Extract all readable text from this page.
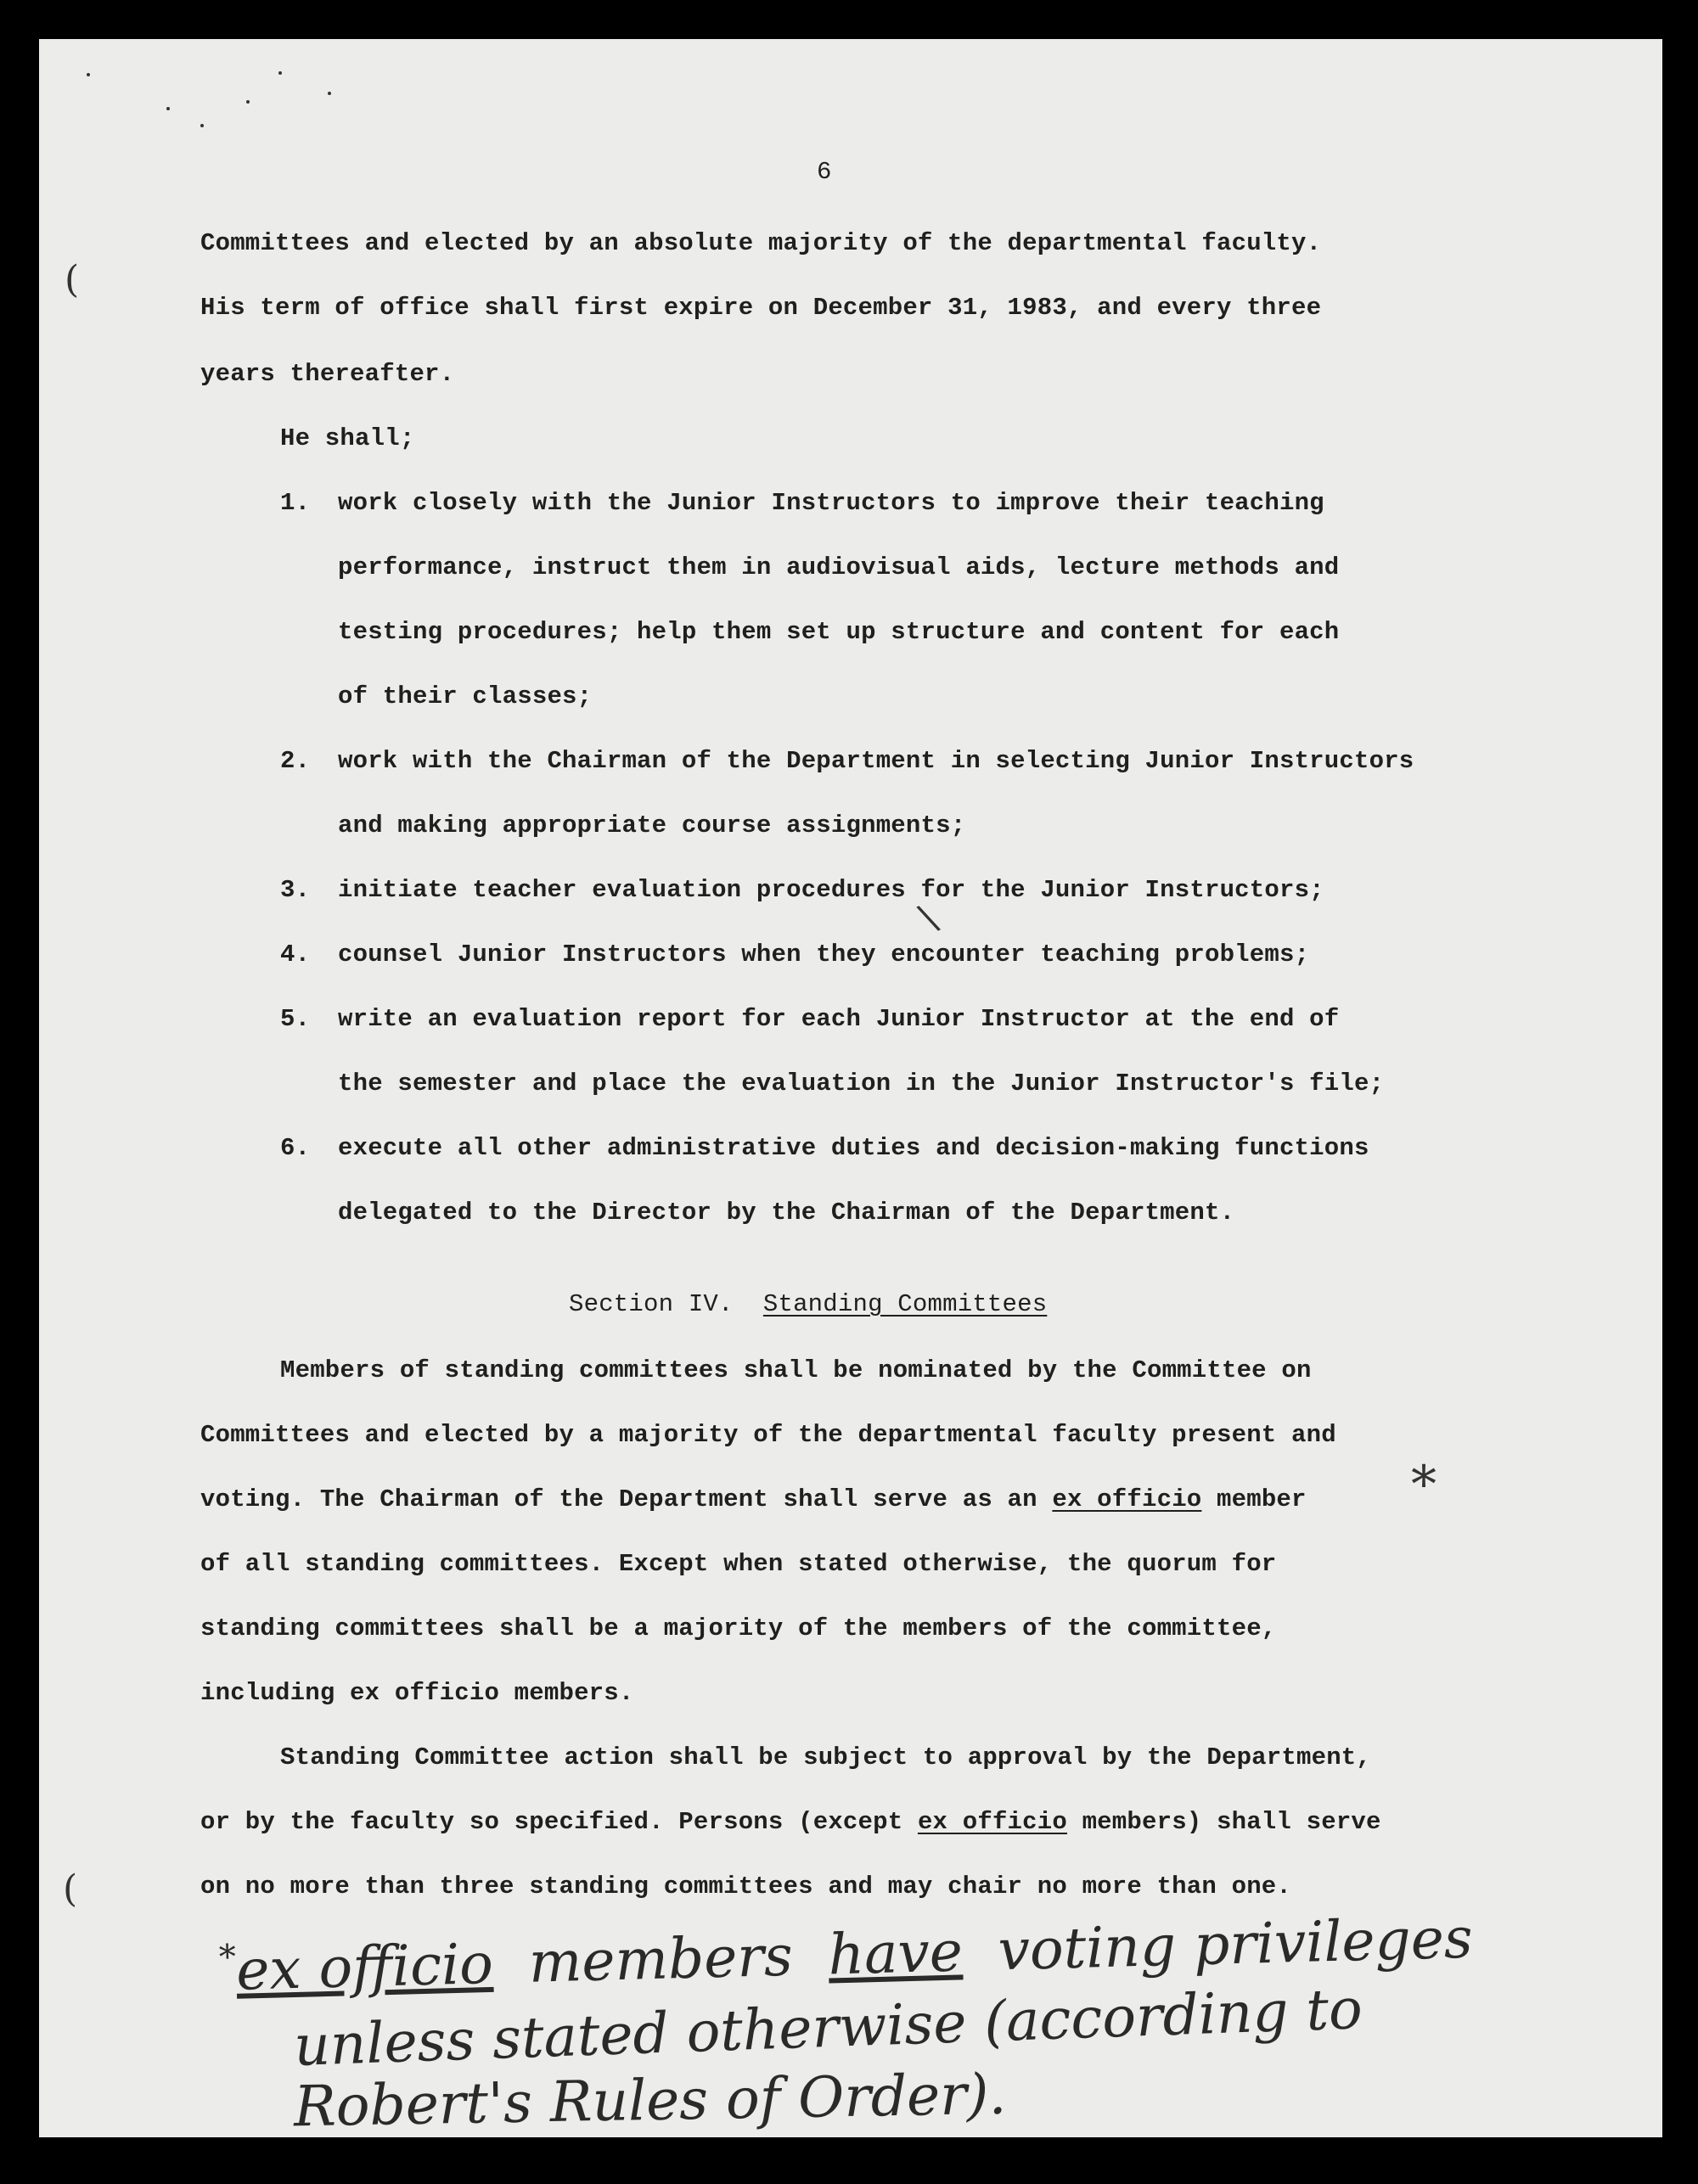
(
(
6
Committees and elected by an absolute majority of the departmental faculty.
His term of office shall first expire on December 31, 1983, and every three
years thereafter.
He shall;
1. work closely with the Junior Instructors to improve their teaching
performance, instruct them in audiovisual aids, lecture methods and
testing procedures; help them set up structure and content for each
of their classes;
2. work with the Chairman of the Department in selecting Junior Instructors
and making appropriate course assignments;
3. initiate teacher evaluation procedures for the Junior Instructors;
\
4. counsel Junior Instructors when they encounter teaching problems;
5. write an evaluation report for each Junior Instructor at the end of
the semester and place the evaluation in the Junior Instructor's file;
6. execute all other administrative duties and decision-making functions
delegated to the Director by the Chairman of the Department.
Section IV. Standing Committees
Members of standing committees shall be nominated by the Committee on
Committees and elected by a majority of the departmental faculty present and
voting. The Chairman of the Department shall serve as an ex officio member *
of all standing committees. Except when stated otherwise, the quorum for
standing committees shall be a majority of the members of the committee,
including ex officio members.
Standing Committee action shall be subject to approval by the Department,
or by the faculty so specified. Persons (except ex officio members) shall serve
on no more than three standing committees and may chair no more than one.
*ex officio members have voting privileges
unless stated otherwise (according to
Robert's Rules of Order).
